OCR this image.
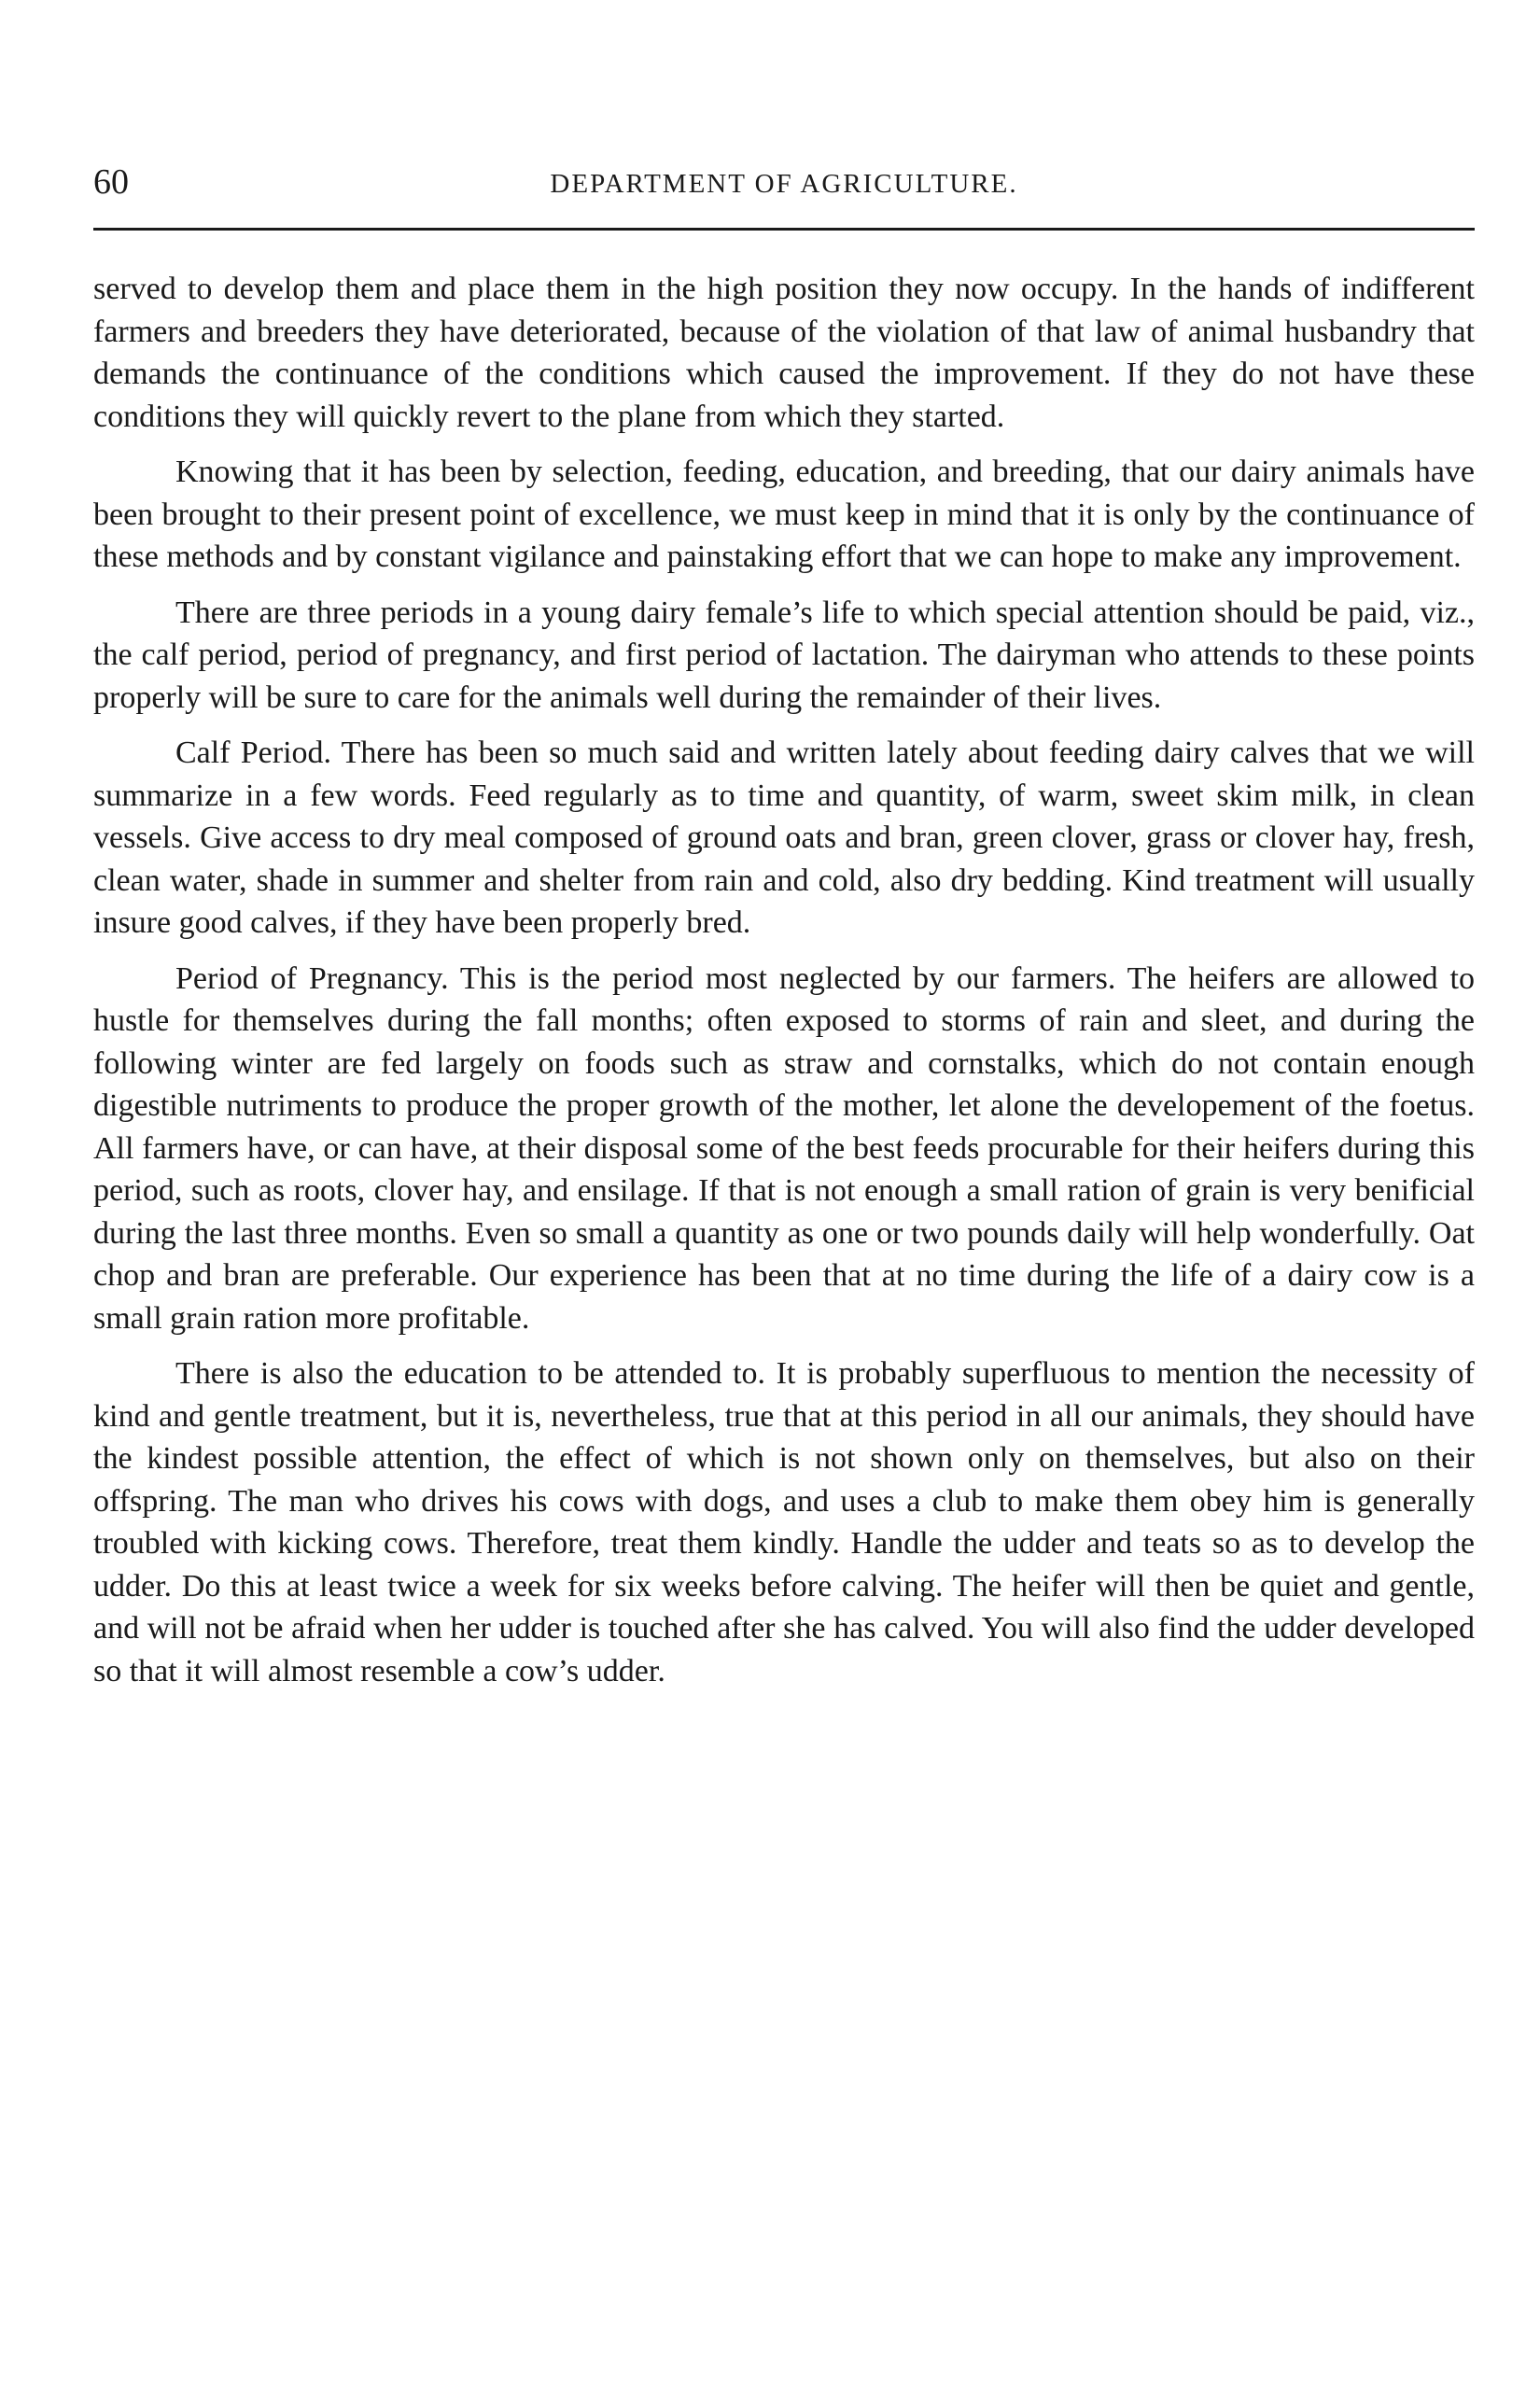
60	DEPARTMENT OF AGRICULTURE.

served to develop them and place them in the high position they now occupy. In the hands of indifferent farmers and breeders they have deteriorated, because of the violation of that law of animal husbandry that demands the continuance of the conditions which caused the improvement. If they do not have these conditions they will quickly revert to the plane from which they started.

Knowing that it has been by selection, feeding, education, and breeding, that our dairy animals have been brought to their present point of excellence, we must keep in mind that it is only by the continuance of these methods and by constant vigilance and painstaking effort that we can hope to make any improvement.

There are three periods in a young dairy female’s life to which special attention should be paid, viz., the calf period, period of pregnancy, and first period of lactation. The dairyman who attends to these points properly will be sure to care for the animals well during the remainder of their lives.

Calf Period. There has been so much said and written lately about feeding dairy calves that we will summarize in a few words. Feed regularly as to time and quantity, of warm, sweet skim milk, in clean vessels. Give access to dry meal composed of ground oats and bran, green clover, grass or clover hay, fresh, clean water, shade in summer and shelter from rain and cold, also dry bedding. Kind treatment will usually insure good calves, if they have been properly bred.

Period of Pregnancy. This is the period most neglected by our farmers. The heifers are allowed to hustle for themselves during the fall months; often exposed to storms of rain and sleet, and during the following winter are fed largely on foods such as straw and cornstalks, which do not contain enough digestible nutriments to produce the proper growth of the mother, let alone the developement of the foetus. All farmers have, or can have, at their disposal some of the best feeds procurable for their heifers during this period, such as roots, clover hay, and ensilage. If that is not enough a small ration of grain is very benificial during the last three months. Even so small a quantity as one or two pounds daily will help wonderfully. Oat chop and bran are preferable. Our experience has been that at no time during the life of a dairy cow is a small grain ration more profitable.

There is also the education to be attended to. It is probably superfluous to mention the necessity of kind and gentle treatment, but it is, nevertheless, true that at this period in all our animals, they should have the kindest possible attention, the effect of which is not shown only on themselves, but also on their offspring. The man who drives his cows with dogs, and uses a club to make them obey him is generally troubled with kicking cows. Therefore, treat them kindly. Handle the udder and teats so as to develop the udder. Do this at least twice a week for six weeks before calving. The heifer will then be quiet and gentle, and will not be afraid when her udder is touched after she has calved. You will also find the udder developed so that it will almost resemble a cow’s udder.
